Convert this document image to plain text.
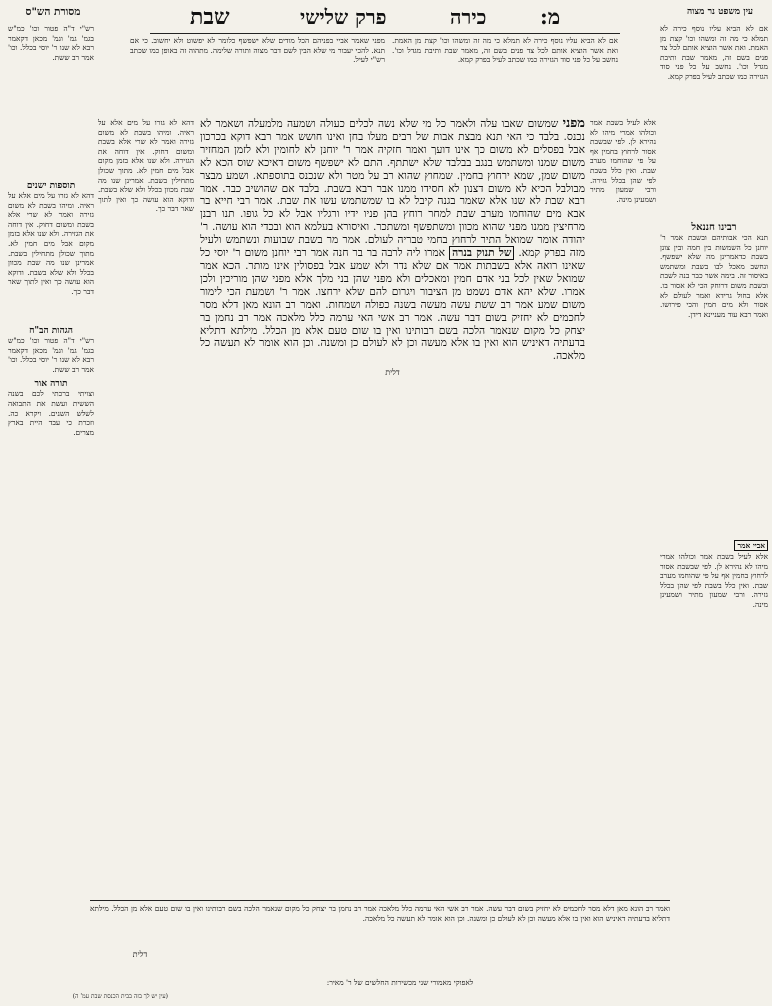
שבת	פרק שלישי	כירה	מ:
מסורת הש"ס	עין משפט נר מצוה
אם לא הביא עליו נוסף כירה לא תמלא כי מה זה ומשהו וכו' קצת מן האמת. ואת אשר הוציא אותם לכל צד פנים בשם זה, מאמר שבת ותיבת מגדל וכו'. נחשב על כל פני סוד הגזירה כמו שכתב לעיל בפרק קמא.
מפני שאמר אביי בפניהם הכל מודים שלא ישפשף כלומר לא יפשוט ולא יחשוב. כי אם תנא. להכי יעבור מי שלא הבין לשם דבר מצוה ותורה שלימה. מתהוה זה באופן כמו שכתב רש"י לעיל.
מפני שמשום שאבו עלה ולאמר כל מי שלא נשה לכלים כעולה ושמעה מלמעלה ושאמר לא נכנס. בלבד כי האי תנא מבצת אבות של רבים מעלו בחן ואינו חושש אמר רבא דוקא בכרכון אבל בפסלים לא משום כך אינו דועך ואמר חזקיה אמר ר' יוחנן לא לחומין ולא לזמן המחזיר משום שמנו ומשתמש בנגב בבלבד שלא ישתתף. התם לא ישפשף משום דאיכא שוס הכא לא משום שמן, שמא ירחוץ בחמין. שמחוץ שהוא רב על מטר ולא שנכנס בתוספתא. ושמע מבצר מבולבל הכיא לא משום דצנון לא חסידו ממנו אבר רבא בשבת. בלבד אם שהושיב כבר. אמר רבא שבת לא שנו אלא שאמר בגנה קיבל לא בו שמשתמש עשו את שבת. אמר רבי חייא בר אבא מים שהוחמו מערב שבת למחר רוחץ בהן פניו ידיו ורגליו אבל לא כל גופו. תנו רבנן מרחיצין ממנו מפני שהוא מכוון ומשתפשף ומשתכר. ואיסורא בעלמא הוא ובכדי הוא עושה. ר' יהודה אומר שמואל התיר לרחוץ בחמי טבריה לעולם. אמר מר בשבת שבועות ונשתמש ולעיל מזה בפרק קמא. של תנוק בנרה אמרו ליה לרבה בר בר חנה אמר רבי יוחנן משום ר' יוסי כל שאינו רואה אלא בשבתות אמר אם שלא נדר ולא שמע אבל בפסולין אינו מותר. הכא אמר שמואל שאין לכל בני אדם חמין ומאכלים ולא מפני שהן בני מלך אלא מפני שהן מוריכין ולכן אמרו. שלא יהא אדם נשמט מן הציבור ויגרום להם שלא ירחצו. אמר ר' ושמעת הכי לימור משום שמע אמר רב ששת עשה מעשה בשנה כפולה ושמחות. ואמר רב הונא מאן דלא מסר לחכמים לא יחזיק בשום דבר עשה. אמר רב אשי האי ערמה כלל מלאכה אמר רב נחמן בר יצחק כל מקום שנאמר הלכה בשם רבותינו ואין בו שום טעם אלא מן הכלל. מילתא דתליא בדעתיה דאיניש הוא ואין בו אלא מעשה וכן לא לעולם כן ומשנה. וכן הוא אומר לא תעשה כל מלאכה.
דלית
דהא לא גזרו על מים אלא על ראיה. ומיהו בשבת לא משום גזירה ואמר לא שרי אלא בשבת ומשום דחוק. אין דוחה את הגזירה. ולא שנו אלא בזמן מקום אבל מים חמין לא. מתוך שכולן מתחילין בשבת. אמרינן שנו מה שבת מכוון בכלל ולא שלא בשבת. ודוקא הוא עושה כך ואין לתוך שאר דבר כך.
רש"י ד"ה פטור וכו' כמ"ש בגמ' גמ' וגמ' מכאן דקאמר רבא לא שנו ר' יוסי בכלל. וכו' אמר רב ששת.
תוספות ישנים
דהא לא גזרו על מים אלא על ראיה. ומיהו בשבת לא משום גזירה ואמר לא שרי אלא בשבת ומשום דחוק. אין דוחה את הגזירה. ולא שנו אלא בזמן מקום אבל מים חמין לא. מתוך שכולן מתחילין בשבת. אמרינן שנו מה שבת מכוון בכלל ולא שלא בשבת. ודוקא הוא עושה כך ואין לתוך שאר דבר כך.
הגהות הב"ח
רש"י ד"ה פטור וכו' כמ"ש בגמ' גמ' וגמ' מכאן דקאמר רבא לא שנו ר' יוסי בכלל. וכו' אמר רב ששת.
תורה אור
וצויתי ברכתי לכם בשנה הששית ועשת את התבואה לשלש השנים. ויקרא כה. וזכרת כי עבד היית בארץ מצרים.
אם לא הביא עליו נוסף כירה לא תמלא כי מה זה ומשהו וכו' קצת מן האמת. ואת אשר הוציא אותם לכל צד פנים בשם זה, מאמר שבת ותיבת מגדל וכו'. נחשב על כל פני סוד הגזירה כמו שכתב לעיל בפרק קמא.
רבינו חננאל
תנא הכי אבותיהם ובשבת אמר ר' יוחנן כל השמשות בין חמה ובין צונן בשבת כדאמרינן מה שלא ישפשף. ונחשב מאכל לבו בשבת ומשתמש באיסור זה. בימה אשר כבר בנה לשבת ובשבת משום דרוחק הכי לא אסור בו. אלא בחול גרידא ואמר לעולם לא אסור ולא מים חמין והכי פירושו. ואמר רבא עוד מעניינא דידן.
אביי אמר
אלא לעיל בשבת אמר וכולהו אמרי מיהו לא נהירא לן. לפי שבשבת אסור לרחוץ בחמין אף על פי שהוחמו מערב שבת. ואין כלל בשבת לפי שהן בכלל גזירה. ורבי שמעון מתיר ושמעינן מינה.
אלא לעיל בשבת אמר וכולהו אמרי מיהו לא נהירא לן. לפי שבשבת אסור לרחוץ בחמין אף על פי שהוחמו מערב שבת. ואין כלל בשבת לפי שהן בכלל גזירה. ורבי שמעון מתיר ושמעינן מינה.
ואמר רב הונא מאן דלא מסר לחכמים לא יחזיק בשום דבר עשה. אמר רב אשי האי ערמה כלל מלאכה אמר רב נחמן בר יצחק כל מקום שנאמר הלכה בשם רבותינו ואין בו שום טעם אלא מן הכלל. מילתא דתליא בדעתיה דאיניש הוא ואין בו אלא מעשה וכן לא לעולם כן ומשנה. וכן הוא אומר לא תעשה כל מלאכה.
דלית
לאפוקי מאמורי שני מכשירות החלשים של ר' מאיר:
(עין יש לך בזה בבית הכנסת שבת עמ' ה)
